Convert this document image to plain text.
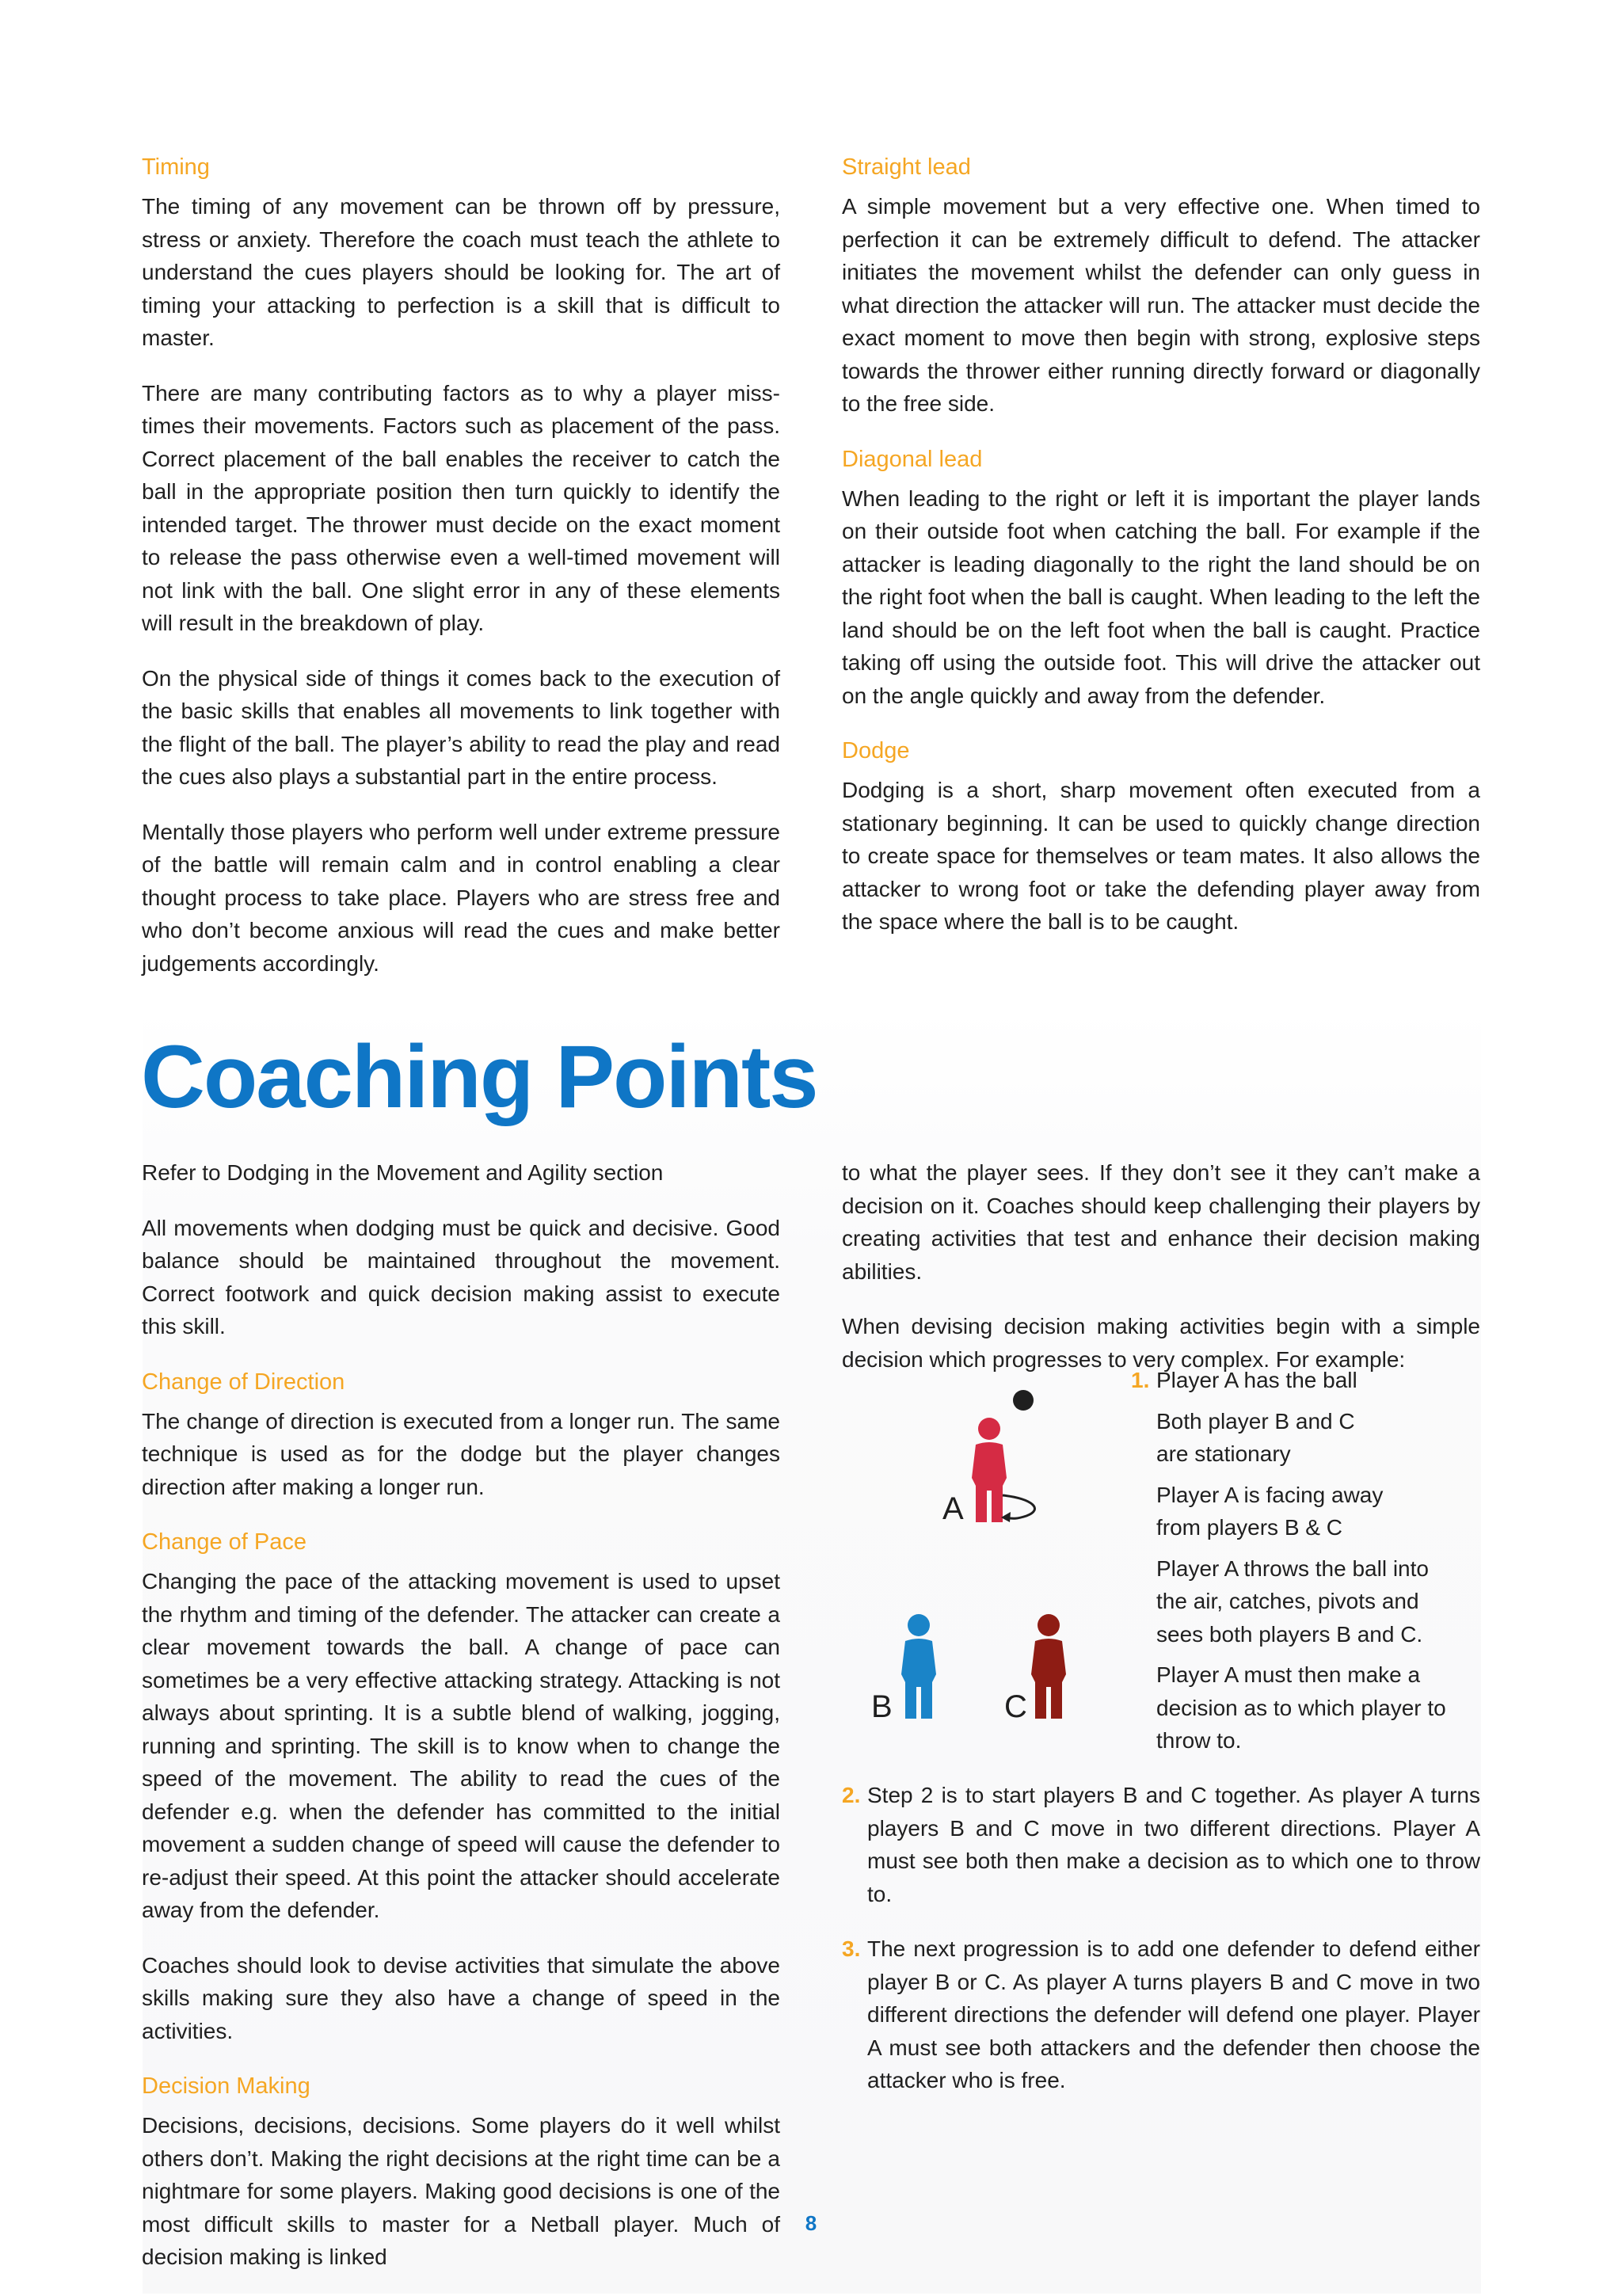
Timing

The timing of any movement can be thrown off by pressure, stress or anxiety. Therefore the coach must teach the athlete to understand the cues players should be looking for. The art of timing your attacking to perfection is a skill that is difficult to master.

There are many contributing factors as to why a player miss-times their movements. Factors such as placement of the pass. Correct placement of the ball enables the receiver to catch the ball in the appropriate position then turn quickly to identify the intended target. The thrower must decide on the exact moment to release the pass otherwise even a well-timed movement will not link with the ball. One slight error in any of these elements will result in the breakdown of play.

On the physical side of things it comes back to the execution of the basic skills that enables all movements to link together with the flight of the ball. The player’s ability to read the play and read the cues also plays a substantial part in the entire process.

Mentally those players who perform well under extreme pressure of the battle will remain calm and in control enabling a clear thought process to take place. Players who are stress free and who don’t become anxious will read the cues and make better judgements accordingly.

Straight lead

A simple movement but a very effective one. When timed to perfection it can be extremely difficult to defend. The attacker initiates the movement whilst the defender can only guess in what direction the attacker will run. The attacker must decide the exact moment to move then begin with strong, explosive steps towards the thrower either running directly forward or diagonally to the free side.

Diagonal lead

When leading to the right or left it is important the player lands on their outside foot when catching the ball. For example if the attacker is leading diagonally to the right the land should be on the right foot when the ball is caught. When leading to the left the land should be on the left foot when the ball is caught. Practice taking off using the outside foot. This will drive the attacker out on the angle quickly and away from the defender.

Dodge

Dodging is a short, sharp movement often executed from a stationary beginning. It can be used to quickly change direction to create space for themselves or team mates. It also allows the attacker to wrong foot or take the defending player away from the space where the ball is to be caught.

Coaching Points

Refer to Dodging in the Movement and Agility section

All movements when dodging must be quick and decisive. Good balance should be maintained throughout the movement. Correct footwork and quick decision making assist to execute this skill.

Change of Direction

The change of direction is executed from a longer run. The same technique is used as for the dodge but the player changes direction after making a longer run.

Change of Pace

Changing the pace of the attacking movement is used to upset the rhythm and timing of the defender. The attacker can create a clear movement towards the ball. A change of pace can sometimes be a very effective attacking strategy. Attacking is not always about sprinting. It is a subtle blend of walking, jogging, running and sprinting. The skill is to know when to change the speed of the movement. The ability to read the cues of the defender e.g. when the defender has committed to the initial movement a sudden change of speed will cause the defender to re-adjust their speed. At this point the attacker should accelerate away from the defender.

Coaches should look to devise activities that simulate the above skills making sure they also have a change of speed in the activities.

Decision Making

Decisions, decisions, decisions. Some players do it well whilst others don’t. Making the right decisions at the right time can be a nightmare for some players. Making good decisions is one of the most difficult skills to master for a Netball player. Much of decision making is linked

to what the player sees. If they don’t see it they can’t make a decision on it. Coaches should keep challenging their players by creating activities that test and enhance their decision making abilities.

When devising decision making activities begin with a simple decision which progresses to very complex. For example:

A
B	C
1. Player A has the ball

Both player B and C are stationary

Player A is facing away from players B & C

Player A throws the ball into the air, catches, pivots and sees both players B and C.

Player A must then make a decision as to which player to throw to.

2. Step 2 is to start players B and C together. As player A turns players B and C move in two different directions. Player A must see both then make a decision as to which one to throw to.
3. The next progression is to add one defender to defend either player B or C. As player A turns players B and C move in two different directions the defender will defend one player. Player A must see both attackers and the defender then choose the attacker who is free.
8
